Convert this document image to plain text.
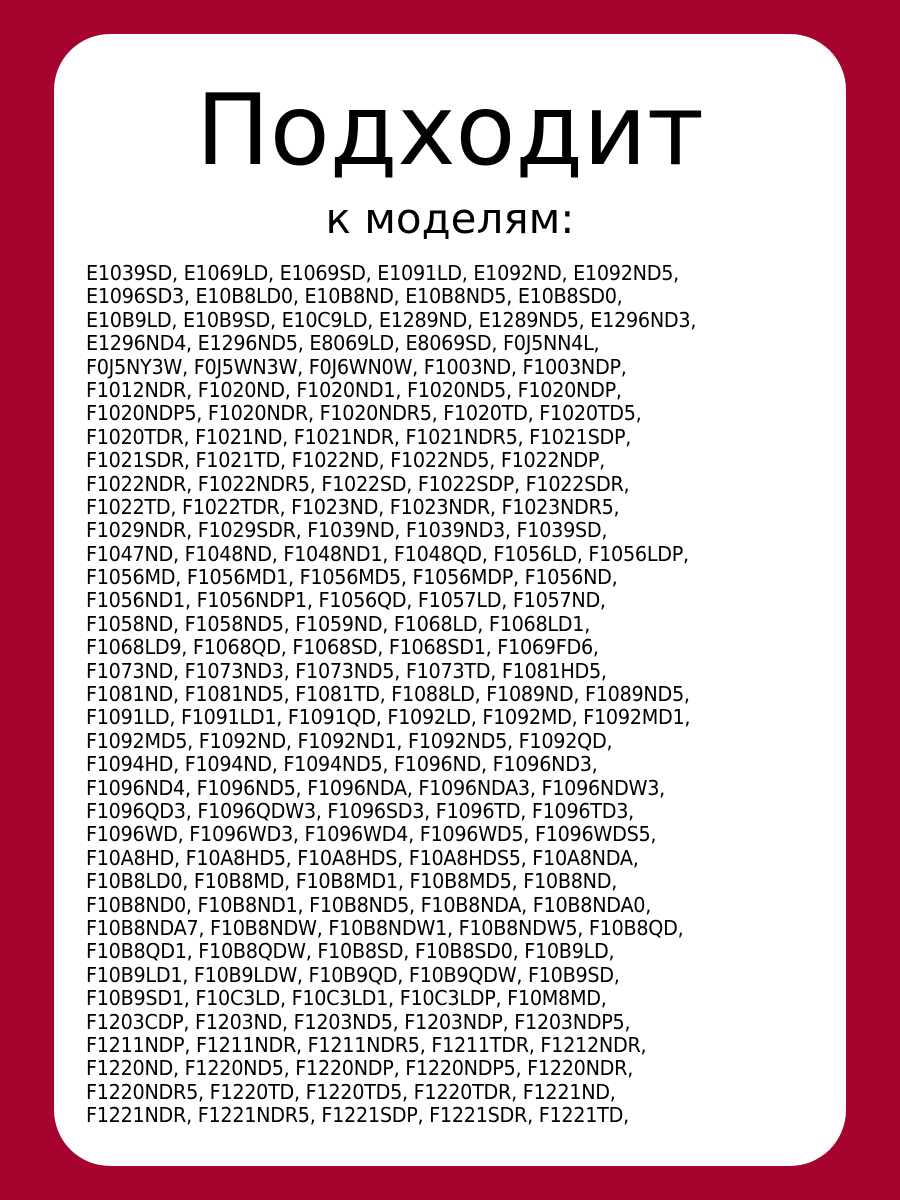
Подходит
к моделям:
E1039SD, E1069LD, E1069SD, E1091LD, E1092ND, E1092ND5,
E1096SD3, E10B8LD0, E10B8ND, E10B8ND5, E10B8SD0,
E10B9LD, E10B9SD, E10C9LD, E1289ND, E1289ND5, E1296ND3,
E1296ND4, E1296ND5, E8069LD, E8069SD, F0J5NN4L,
F0J5NY3W, F0J5WN3W, F0J6WN0W, F1003ND, F1003NDP,
F1012NDR, F1020ND, F1020ND1, F1020ND5, F1020NDP,
F1020NDP5, F1020NDR, F1020NDR5, F1020TD, F1020TD5,
F1020TDR, F1021ND, F1021NDR, F1021NDR5, F1021SDP,
F1021SDR, F1021TD, F1022ND, F1022ND5, F1022NDP,
F1022NDR, F1022NDR5, F1022SD, F1022SDP, F1022SDR,
F1022TD, F1022TDR, F1023ND, F1023NDR, F1023NDR5,
F1029NDR, F1029SDR, F1039ND, F1039ND3, F1039SD,
F1047ND, F1048ND, F1048ND1, F1048QD, F1056LD, F1056LDP,
F1056MD, F1056MD1, F1056MD5, F1056MDP, F1056ND,
F1056ND1, F1056NDP1, F1056QD, F1057LD, F1057ND,
F1058ND, F1058ND5, F1059ND, F1068LD, F1068LD1,
F1068LD9, F1068QD, F1068SD, F1068SD1, F1069FD6,
F1073ND, F1073ND3, F1073ND5, F1073TD, F1081HD5,
F1081ND, F1081ND5, F1081TD, F1088LD, F1089ND, F1089ND5,
F1091LD, F1091LD1, F1091QD, F1092LD, F1092MD, F1092MD1,
F1092MD5, F1092ND, F1092ND1, F1092ND5, F1092QD,
F1094HD, F1094ND, F1094ND5, F1096ND, F1096ND3,
F1096ND4, F1096ND5, F1096NDA, F1096NDA3, F1096NDW3,
F1096QD3, F1096QDW3, F1096SD3, F1096TD, F1096TD3,
F1096WD, F1096WD3, F1096WD4, F1096WD5, F1096WDS5,
F10A8HD, F10A8HD5, F10A8HDS, F10A8HDS5, F10A8NDA,
F10B8LD0, F10B8MD, F10B8MD1, F10B8MD5, F10B8ND,
F10B8ND0, F10B8ND1, F10B8ND5, F10B8NDA, F10B8NDA0,
F10B8NDA7, F10B8NDW, F10B8NDW1, F10B8NDW5, F10B8QD,
F10B8QD1, F10B8QDW, F10B8SD, F10B8SD0, F10B9LD,
F10B9LD1, F10B9LDW, F10B9QD, F10B9QDW, F10B9SD,
F10B9SD1, F10C3LD, F10C3LD1, F10C3LDP, F10M8MD,
F1203CDP, F1203ND, F1203ND5, F1203NDP, F1203NDP5,
F1211NDP, F1211NDR, F1211NDR5, F1211TDR, F1212NDR,
F1220ND, F1220ND5, F1220NDP, F1220NDP5, F1220NDR,
F1220NDR5, F1220TD, F1220TD5, F1220TDR, F1221ND,
F1221NDR, F1221NDR5, F1221SDP, F1221SDR, F1221TD,
